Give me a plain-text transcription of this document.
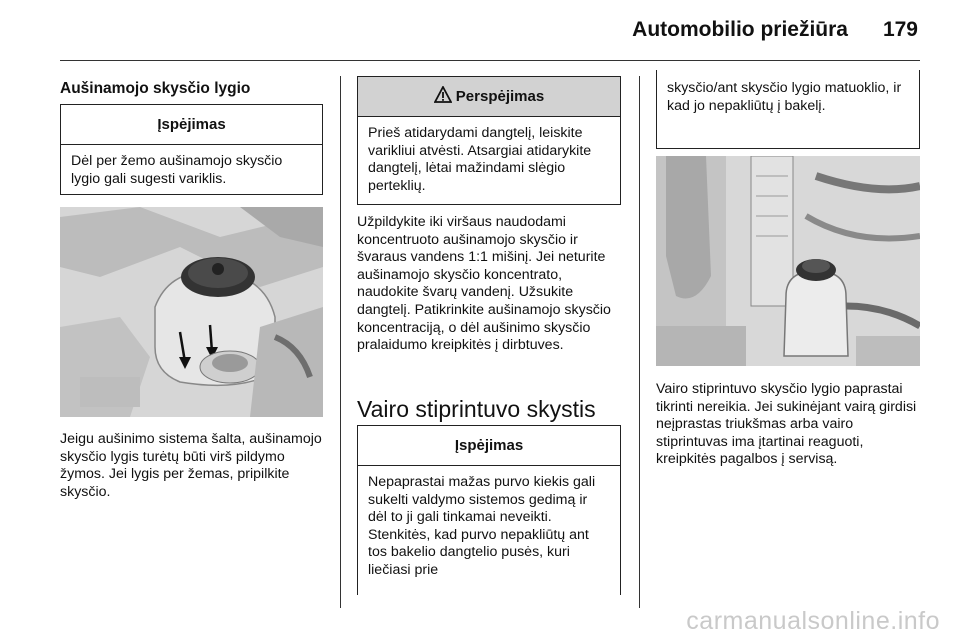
Automobilio priežiūra 179
Aušinamojo skysčio lygio
Įspėjimas
Dėl per žemo aušinamojo skysčio lygio gali sugesti variklis.
Jeigu aušinimo sistema šalta, aušinamojo skysčio lygis turėtų būti virš pildymo žymos. Jei lygis per žemas, pripilkite skysčio.
Perspėjimas
Prieš atidarydami dangtelį, leiskite varikliui atvėsti. Atsargiai atidarykite dangtelį, lėtai mažindami slėgio perteklių.
Užpildykite iki viršaus naudodami koncentruoto aušinamojo skysčio ir švaraus vandens 1:1 mišinį. Jei neturite aušinamojo skysčio koncentrato, naudokite švarų vandenį. Užsukite dangtelį. Patikrinkite aušinamojo skysčio koncentraciją, o dėl aušinimo skysčio pralaidumo kreipkitės į dirbtuves.
Vairo stiprintuvo skystis
Įspėjimas
Nepaprastai mažas purvo kiekis gali sukelti valdymo sistemos gedimą ir dėl to ji gali tinkamai neveikti. Stenkitės, kad purvo nepakliūtų ant tos bakelio dangtelio pusės, kuri liečiasi prie
skysčio/ant skysčio lygio matuoklio, ir kad jo nepakliūtų į bakelį.
Vairo stiprintuvo skysčio lygio paprastai tikrinti nereikia. Jei sukinėjant vairą girdisi neįprastas triukšmas arba vairo stiprintuvas ima įtartinai reaguoti, kreipkitės pagalbos į servisą.
carmanualsonline.info
